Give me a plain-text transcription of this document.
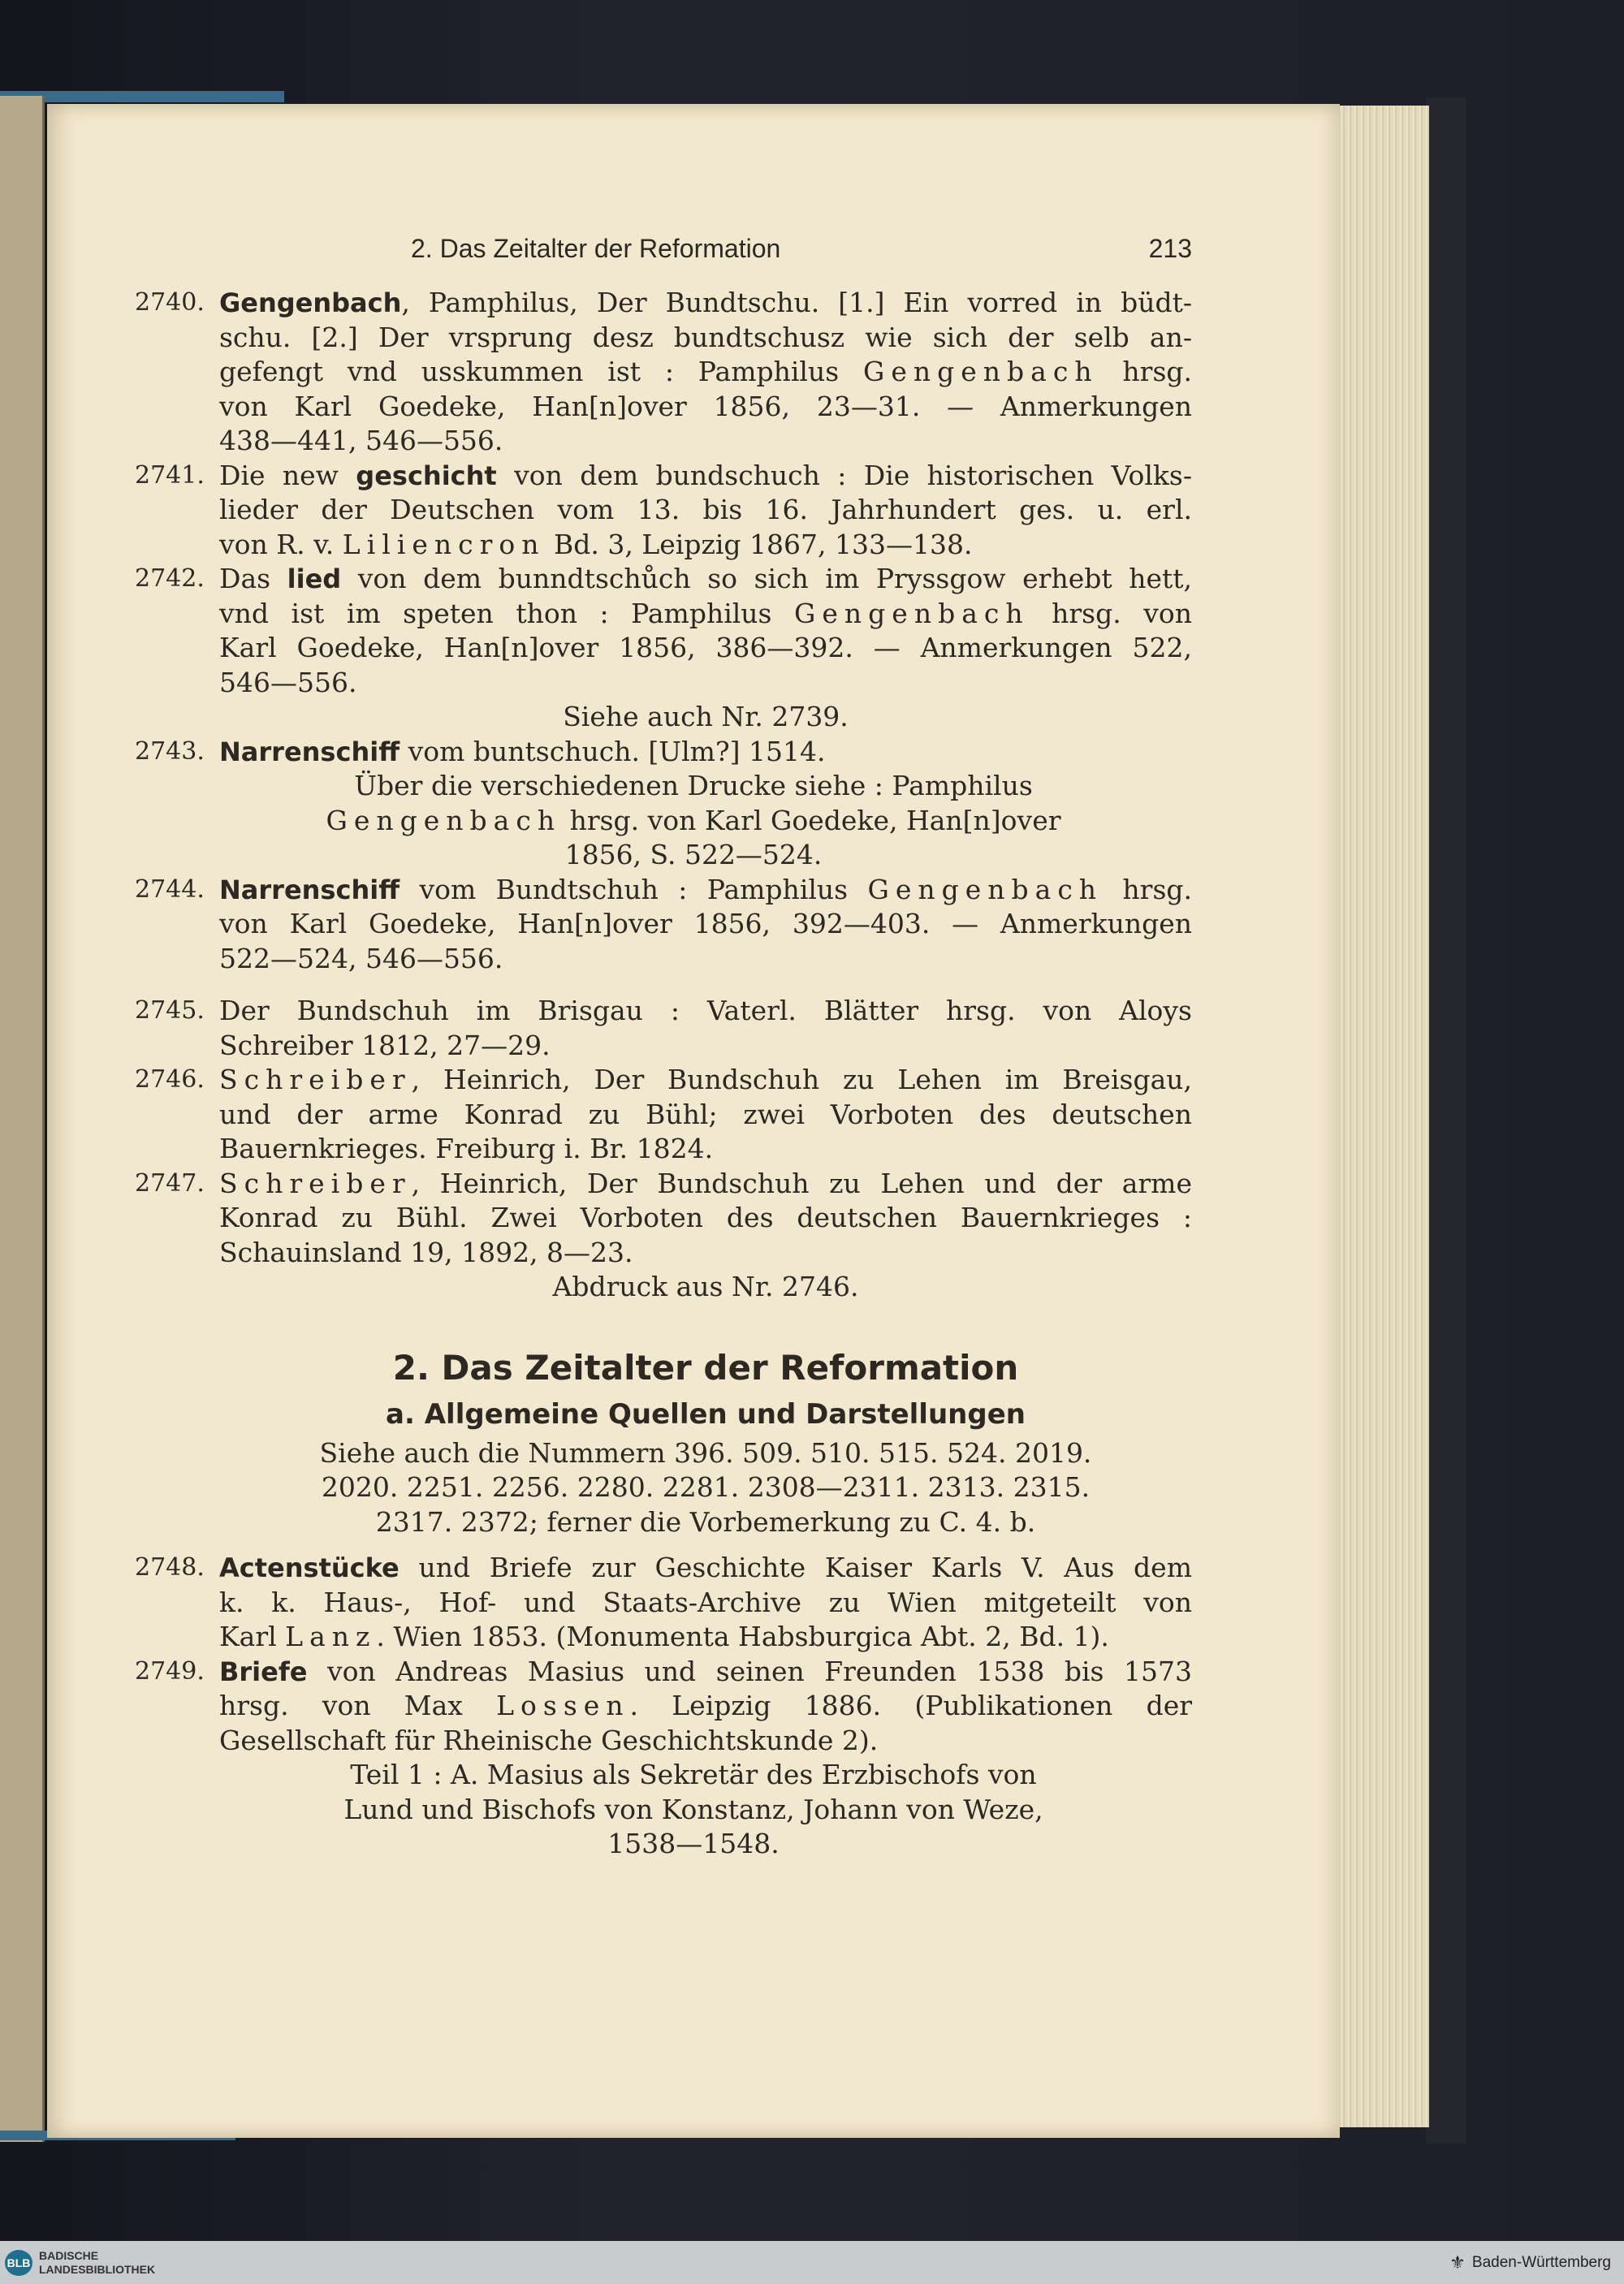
2. Das Zeitalter der Reformation	213
2740. Gengenbach, Pamphilus, Der Bundtschu. [1.] Ein vorred in büdt-
schu. [2.] Der vrsprung desz bundtschusz wie sich der selb an-
gefengt vnd usskummen ist : Pamphilus Gengenbach hrsg.
von Karl Goedeke, Han[n]over 1856, 23—31. — Anmerkungen
438—441, 546—556.
2741. Die new geschicht von dem bundschuch : Die historischen Volks-
lieder der Deutschen vom 13. bis 16. Jahrhundert ges. u. erl.
von R. v. Liliencron Bd. 3, Leipzig 1867, 133—138.
2742. Das lied von dem bunndtschůch so sich im Pryssgow erhebt hett,
vnd ist im speten thon : Pamphilus Gengenbach hrsg. von
Karl Goedeke, Han[n]over 1856, 386—392. — Anmerkungen 522,
546—556.
Siehe auch Nr. 2739.
2743. Narrenschiff vom buntschuch. [Ulm?] 1514.
Über die verschiedenen Drucke siehe : Pamphilus
Gengenbach hrsg. von Karl Goedeke, Han[n]over
1856, S. 522—524.
2744. Narrenschiff vom Bundtschuh : Pamphilus Gengenbach hrsg.
von Karl Goedeke, Han[n]over 1856, 392—403. — Anmerkungen
522—524, 546—556.
2745. Der Bundschuh im Brisgau : Vaterl. Blätter hrsg. von Aloys
Schreiber 1812, 27—29.
2746. Schreiber, Heinrich, Der Bundschuh zu Lehen im Breisgau,
und der arme Konrad zu Bühl; zwei Vorboten des deutschen
Bauernkrieges. Freiburg i. Br. 1824.
2747. Schreiber, Heinrich, Der Bundschuh zu Lehen und der arme
Konrad zu Bühl. Zwei Vorboten des deutschen Bauernkrieges :
Schauinsland 19, 1892, 8—23.
Abdruck aus Nr. 2746.
2. Das Zeitalter der Reformation
a. Allgemeine Quellen und Darstellungen
Siehe auch die Nummern 396. 509. 510. 515. 524. 2019.
2020. 2251. 2256. 2280. 2281. 2308—2311. 2313. 2315.
2317. 2372; ferner die Vorbemerkung zu C. 4. b.
2748. Actenstücke und Briefe zur Geschichte Kaiser Karls V. Aus dem
k. k. Haus-, Hof- und Staats-Archive zu Wien mitgeteilt von
Karl Lanz. Wien 1853. (Monumenta Habsburgica Abt. 2, Bd. 1).
2749. Briefe von Andreas Masius und seinen Freunden 1538 bis 1573
hrsg. von Max Lossen. Leipzig 1886. (Publikationen der
Gesellschaft für Rheinische Geschichtskunde 2).
Teil 1 : A. Masius als Sekretär des Erzbischofs von
Lund und Bischofs von Konstanz, Johann von Weze,
1538—1548.
BLB
BADISCHE
LANDESBIBLIOTHEK	⚜ Baden-Württemberg
